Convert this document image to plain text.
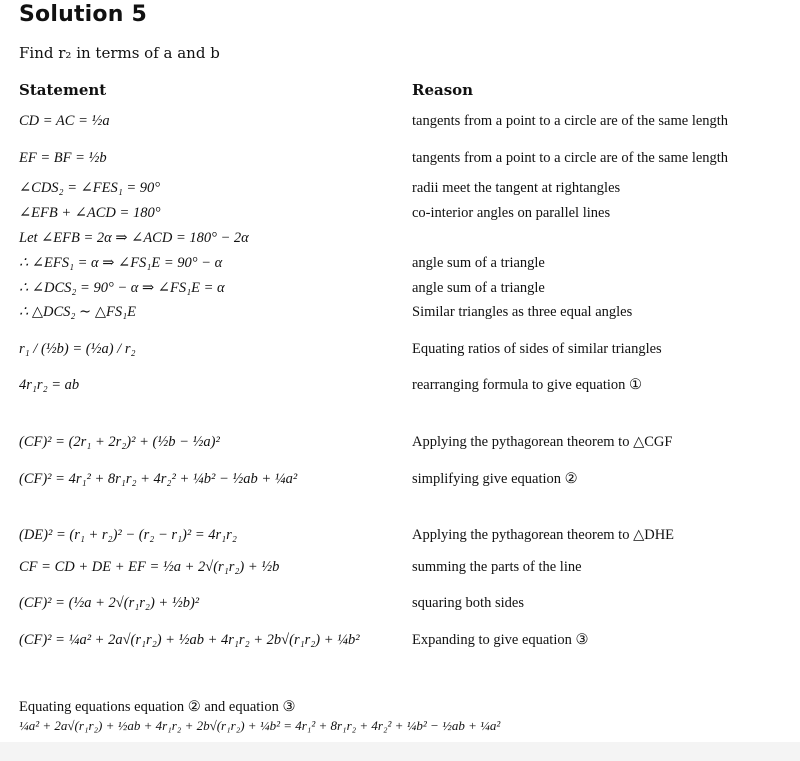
Solution 5
Find r₂ in terms of a and b
Statement	Reason
CD = AC = ½a	tangents from a point to a circle are of the same length
EF = BF = ½b	tangents from a point to a circle are of the same length
∠CDS₂ = ∠FES₁ = 90°	radii meet the tangent at rightangles
∠EFB + ∠ACD = 180°	co-interior angles on parallel lines
Let ∠EFB = 2α ⇒ ∠ACD = 180° − 2α
∴ ∠EFS₁ = α ⇒ ∠FS₁E = 90° − α	angle sum of a triangle
∴ ∠DCS₂ = 90° − α ⇒ ∠FS₁E = α	angle sum of a triangle
∴ △DCS₂ ∼ △FS₁E	Similar triangles as three equal angles
r₁ / (½b) = (½a) / r₂	Equating ratios of sides of similar triangles
4r₁r₂ = ab	rearranging formula to give equation ①
(CF)² = (2r₁ + 2r₂)² + (½b − ½a)²	Applying the pythagorean theorem to △CGF
(CF)² = 4r₁² + 8r₁r₂ + 4r₂² + ¼b² − ½ab + ¼a²	simplifying give equation ②
(DE)² = (r₁ + r₂)² − (r₂ − r₁)² = 4r₁r₂	Applying the pythagorean theorem to △DHE
CF = CD + DE + EF = ½a + 2√(r₁r₂) + ½b	summing the parts of the line
(CF)² = (½a + 2√(r₁r₂) + ½b)²	squaring both sides
(CF)² = ¼a² + 2a√(r₁r₂) + ½ab + 4r₁r₂ + 2b√(r₁r₂) + ¼b²	Expanding to give equation ③
Equating equations equation ② and equation ③
¼a² + 2a√(r₁r₂) + ½ab + 4r₁r₂ + 2b√(r₁r₂) + ¼b² = 4r₁² + 8r₁r₂ + 4r₂² + ¼b² − ½ab + ¼a²
